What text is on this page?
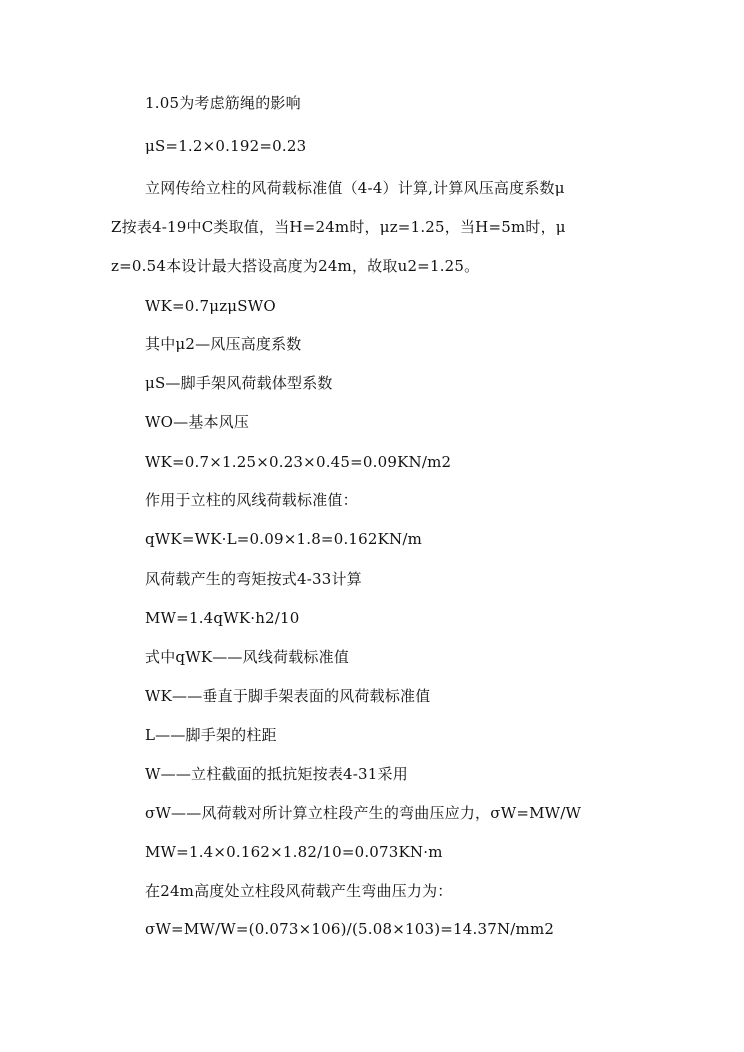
1.05为考虑筋绳的影响
μS=1.2×0.192=0.23
立网传给立柱的风荷载标准值（4-4）计算,计算风压高度系数μ
Z按表4-19中C类取值，当H=24m时，μz=1.25，当H=5m时，μ
z=0.54本设计最大搭设高度为24m，故取u2=1.25。
WK=0.7μzμSWO
其中μ2—风压高度系数
μS—脚手架风荷载体型系数
WO—基本风压
WK=0.7×1.25×0.23×0.45=0.09KN/m2
作用于立柱的风线荷载标准值：
qWK=WK·L=0.09×1.8=0.162KN/m
风荷载产生的弯矩按式4-33计算
MW=1.4qWK·h2/10
式中qWK——风线荷载标准值
WK——垂直于脚手架表面的风荷载标准值
L——脚手架的柱距
W——立柱截面的抵抗矩按表4-31采用
σW——风荷载对所计算立柱段产生的弯曲压应力，σW=MW/W
MW=1.4×0.162×1.82/10=0.073KN·m
在24m高度处立柱段风荷载产生弯曲压力为：
σW=MW/W=(0.073×106)/(5.08×103)=14.37N/mm2
